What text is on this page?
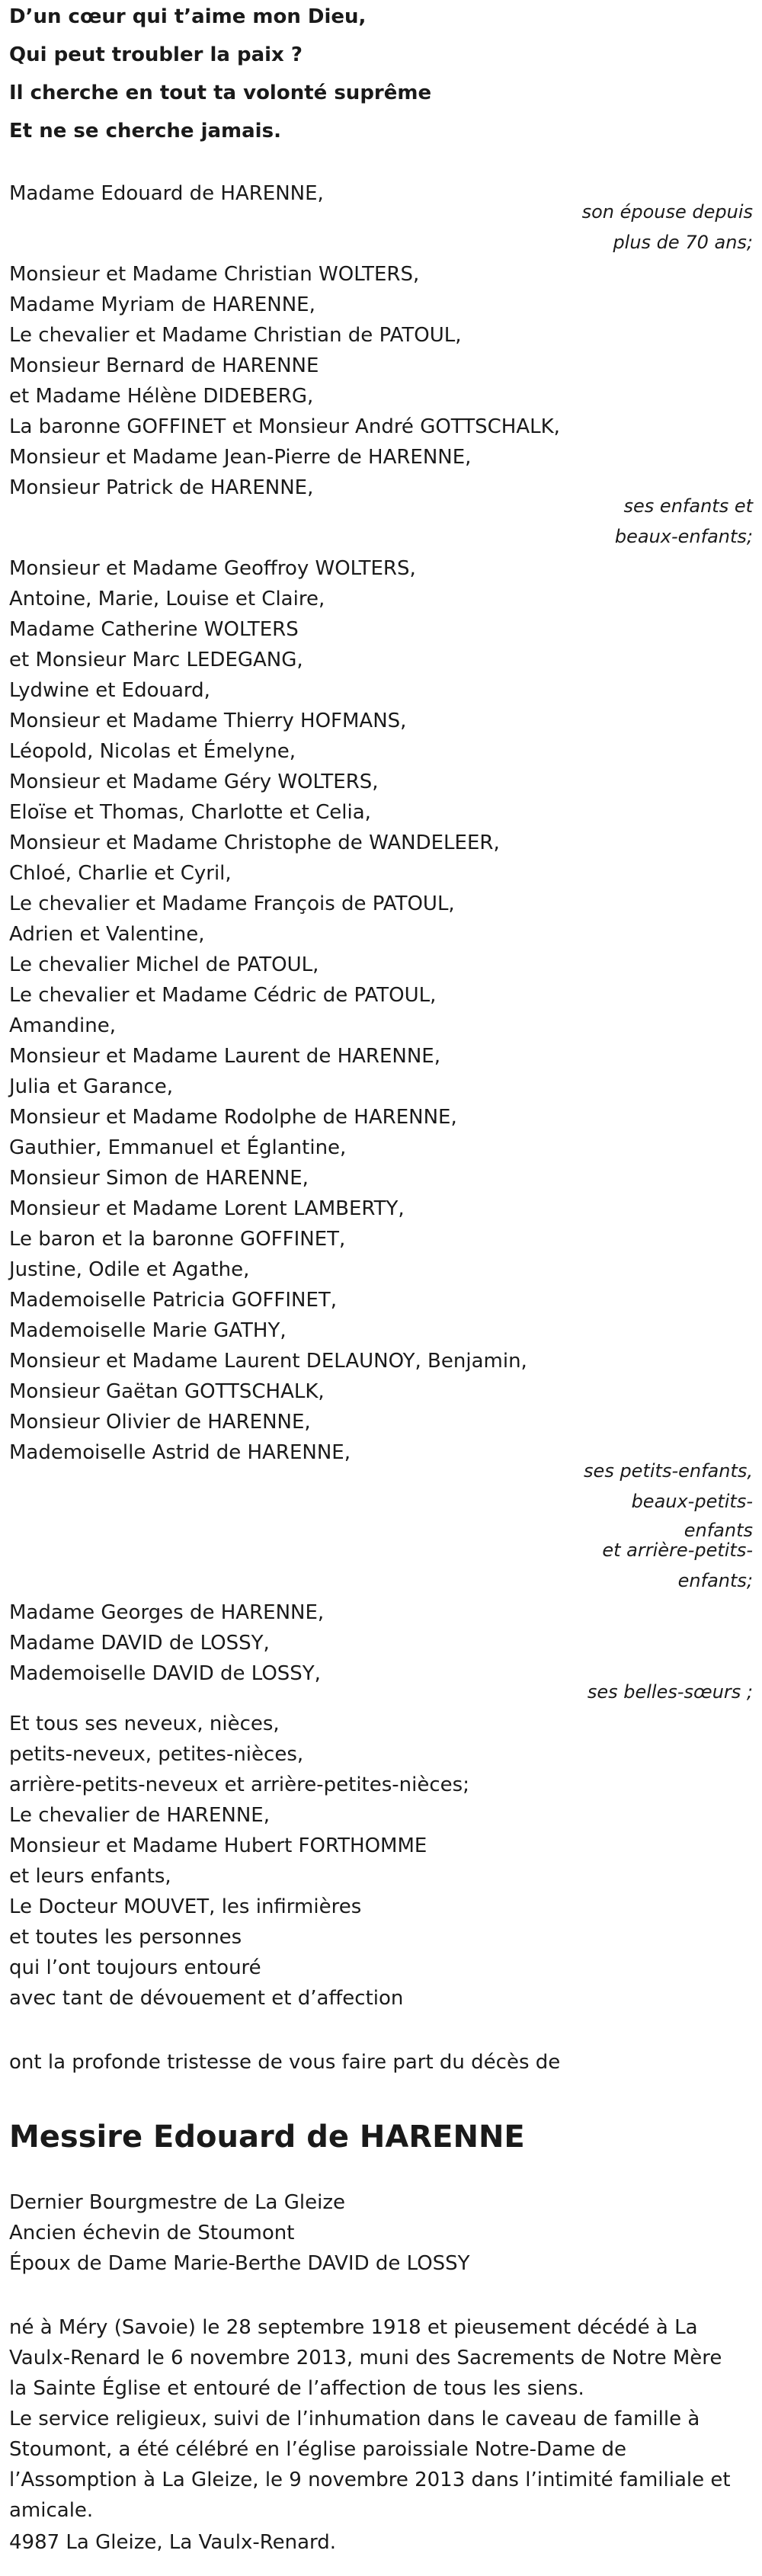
D’un cœur qui t’aime mon Dieu,
Qui peut troubler la paix ?
Il cherche en tout ta volonté suprême
Et ne se cherche jamais.
Madame Edouard de HARENNE,
son épouse depuis
plus de 70 ans;
Monsieur et Madame Christian WOLTERS,
Madame Myriam de HARENNE,
Le chevalier et Madame Christian de PATOUL,
Monsieur Bernard de HARENNE
et Madame Hélène DIDEBERG,
La baronne GOFFINET et Monsieur André GOTTSCHALK,
Monsieur et Madame Jean-Pierre de HARENNE,
Monsieur Patrick de HARENNE,
ses enfants et
beaux-enfants;
Monsieur et Madame Geoffroy WOLTERS,
Antoine, Marie, Louise et Claire,
Madame Catherine WOLTERS
et Monsieur Marc LEDEGANG,
Lydwine et Edouard,
Monsieur et Madame Thierry HOFMANS,
Léopold, Nicolas et Émelyne,
Monsieur et Madame Géry WOLTERS,
Eloïse et Thomas, Charlotte et Celia,
Monsieur et Madame Christophe de WANDELEER,
Chloé, Charlie et Cyril,
Le chevalier et Madame François de PATOUL,
Adrien et Valentine,
Le chevalier Michel de PATOUL,
Le chevalier et Madame Cédric de PATOUL,
Amandine,
Monsieur et Madame Laurent de HARENNE,
Julia et Garance,
Monsieur et Madame Rodolphe de HARENNE,
Gauthier, Emmanuel et Églantine,
Monsieur Simon de HARENNE,
Monsieur et Madame Lorent LAMBERTY,
Le baron et la baronne GOFFINET,
Justine, Odile et Agathe,
Mademoiselle Patricia GOFFINET,
Mademoiselle Marie GATHY,
Monsieur et Madame Laurent DELAUNOY, Benjamin,
Monsieur Gaëtan GOTTSCHALK,
Monsieur Olivier de HARENNE,
Mademoiselle Astrid de HARENNE,
ses petits-enfants,
beaux-petits-
enfants
et arrière-petits-
enfants;
Madame Georges de HARENNE,
Madame DAVID de LOSSY,
Mademoiselle DAVID de LOSSY,
ses belles-sœurs ;
Et tous ses neveux, nièces,
petits-neveux, petites-nièces,
arrière-petits-neveux et arrière-petites-nièces;
Le chevalier de HARENNE,
Monsieur et Madame Hubert FORTHOMME
et leurs enfants,
Le Docteur MOUVET, les infirmières
et toutes les personnes
qui l’ont toujours entouré
avec tant de dévouement et d’affection
ont la profonde tristesse de vous faire part du décès de
Messire Edouard de HARENNE
Dernier Bourgmestre de La Gleize
Ancien échevin de Stoumont
Époux de Dame Marie-Berthe DAVID de LOSSY
né à Méry (Savoie) le 28 septembre 1918 et pieusement décédé à La Vaulx-Renard le 6 novembre 2013, muni des Sacrements de Notre Mère la Sainte Église et entouré de l’affection de tous les siens.
Le service religieux, suivi de l’inhumation dans le caveau de famille à Stoumont, a été célébré en l’église paroissiale Notre-Dame de l’Assomption à La Gleize, le 9 novembre 2013 dans l’intimité familiale et amicale.
4987 La Gleize, La Vaulx-Renard.
